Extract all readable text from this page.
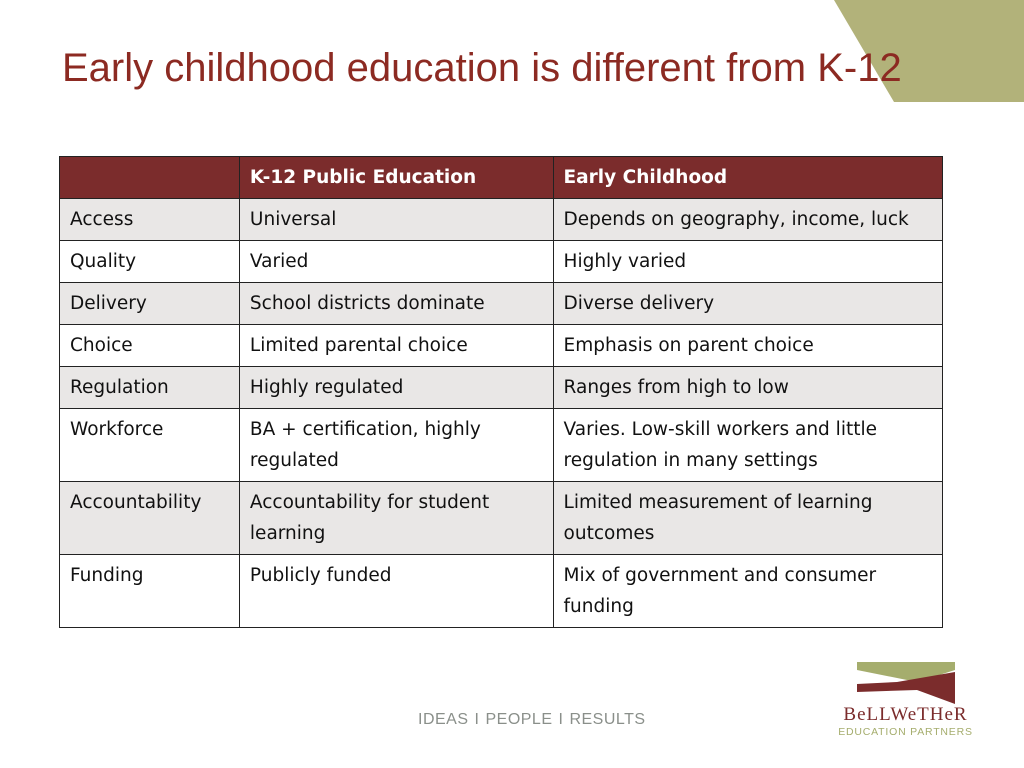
Early childhood education is different from K-12
	K-12 Public Education	Early Childhood
Access	Universal	Depends on geography, income, luck
Quality	Varied	Highly varied
Delivery	School districts dominate	Diverse delivery
Choice	Limited parental choice	Emphasis on parent choice
Regulation	Highly regulated	Ranges from high to low
Workforce	BA + certification, highly regulated	Varies. Low-skill workers and little regulation in many settings
Accountability	Accountability for student learning	Limited measurement of learning outcomes
Funding	Publicly funded	Mix of government and consumer funding
IDEAS I PEOPLE I RESULTS	BeLLWeTHeR
EDUCATION PARTNERS
